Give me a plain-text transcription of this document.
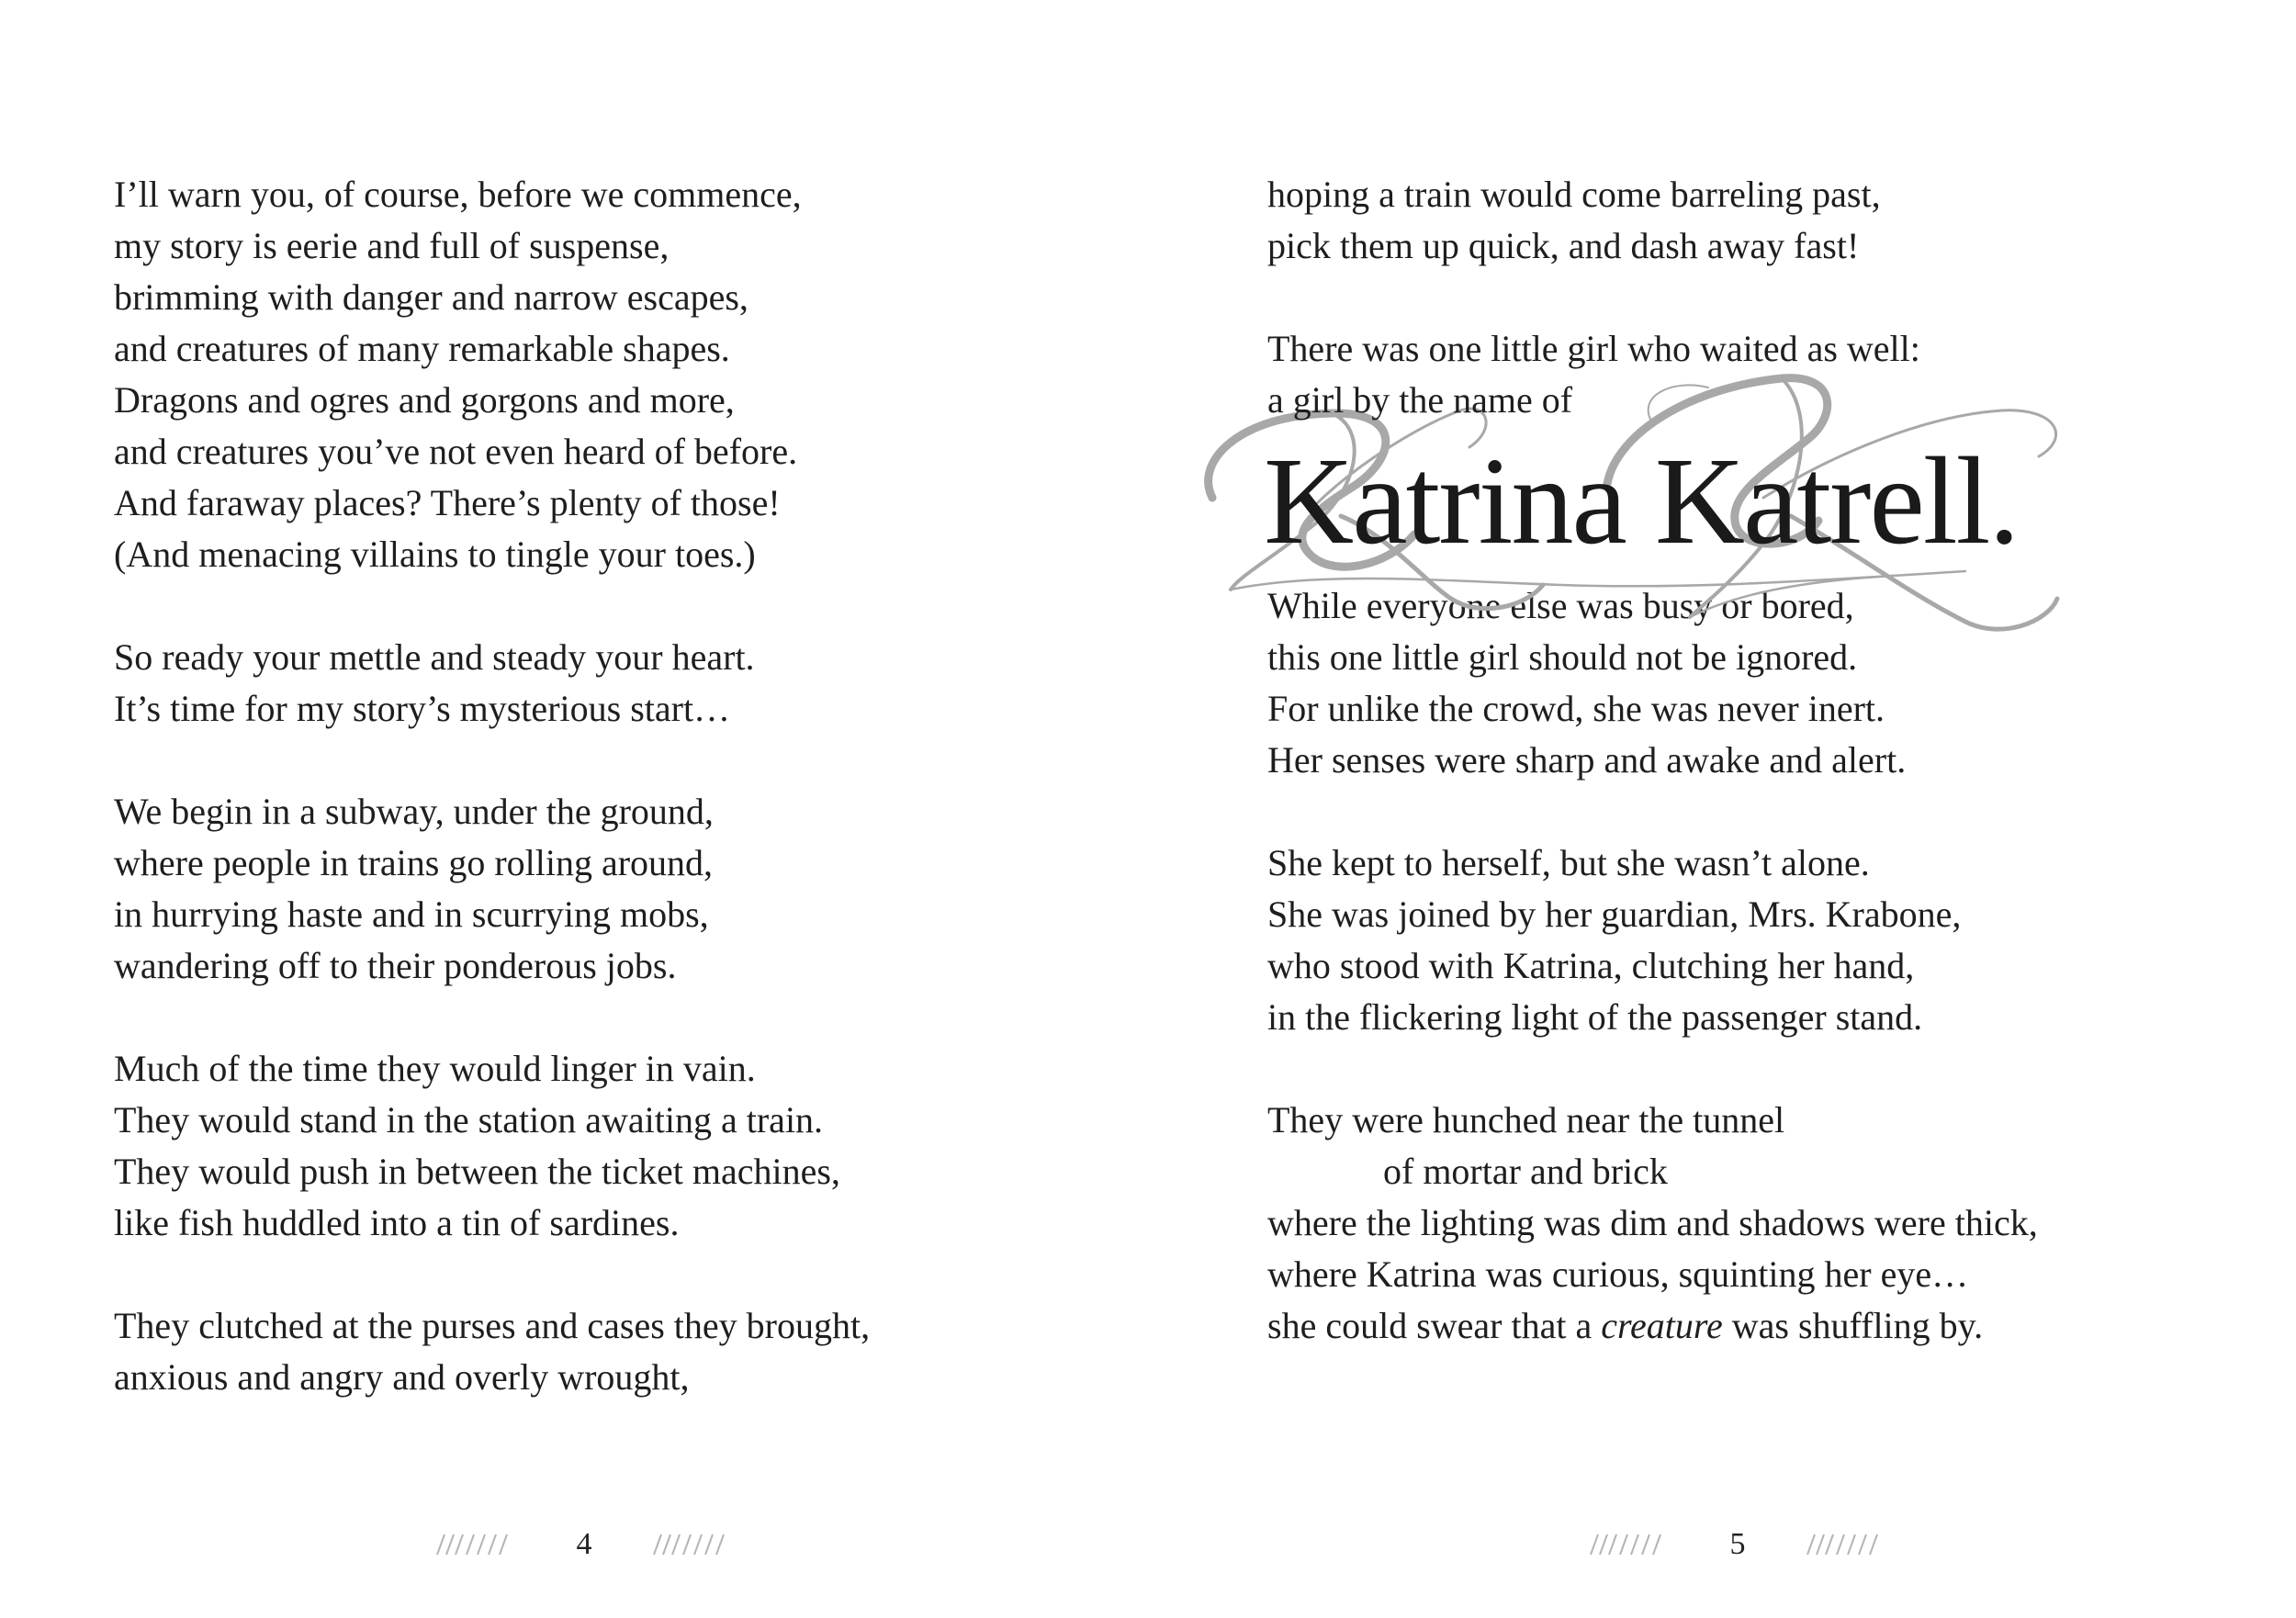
I’ll warn you, of course, before we commence,
my story is eerie and full of suspense,
brimming with danger and narrow escapes,
and creatures of many remarkable shapes.
Dragons and ogres and gorgons and more,
and creatures you’ve not even heard of before.
And faraway places? There’s plenty of those!
(And menacing villains to tingle your toes.)
So ready your mettle and steady your heart.
It’s time for my story’s mysterious start…
We begin in a subway, under the ground,
where people in trains go rolling around,
in hurrying haste and in scurrying mobs,
wandering off to their ponderous jobs.
Much of the time they would linger in vain.
They would stand in the station awaiting a train.
They would push in between the ticket machines,
like fish huddled into a tin of sardines.
They clutched at the purses and cases they brought,
anxious and angry and overly wrought,
4
hoping a train would come barreling past,
pick them up quick, and dash away fast!
There was one little girl who waited as well:
a girl by the name of
Katrina Katrell.
While everyone else was busy or bored,
this one little girl should not be ignored.
For unlike the crowd, she was never inert.
Her senses were sharp and awake and alert.
She kept to herself, but she wasn’t alone.
She was joined by her guardian, Mrs. Krabone,
who stood with Katrina, clutching her hand,
in the flickering light of the passenger stand.
They were hunched near the tunnel
of mortar and brick
where the lighting was dim and shadows were thick,
where Katrina was curious, squinting her eye…
she could swear that a creature was shuffling by.
5
